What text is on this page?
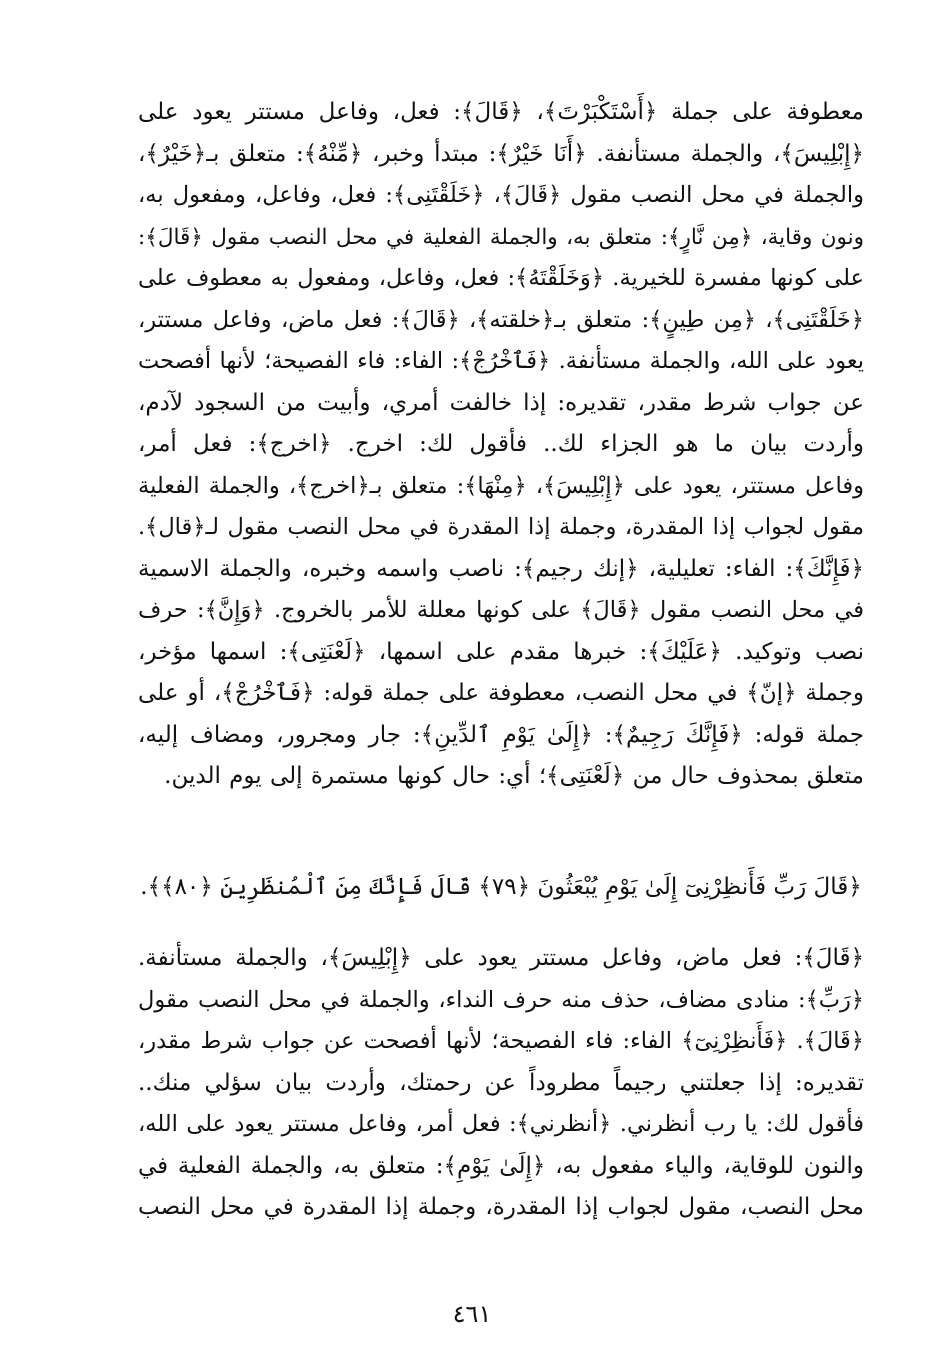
معطوفة على جملة ﴿أَسْتَكْبَرْتَ﴾، ﴿قَالَ﴾: فعل، وفاعل مستتر يعود على
﴿إِبْلِيسَ﴾، والجملة مستأنفة. ﴿أَنَا خَيْرٌ﴾: مبتدأ وخبر، ﴿مِّنْهُ﴾: متعلق بـ﴿خَيْرٌ﴾،
والجملة في محل النصب مقول ﴿قَالَ﴾، ﴿خَلَقْتَنِى﴾: فعل، وفاعل، ومفعول به،
ونون وقاية، ﴿مِن نَّارٍ﴾: متعلق به، والجملة الفعلية في محل النصب مقول ﴿قَالَ﴾:
على كونها مفسرة للخيرية. ﴿وَخَلَقْتَهُ﴾: فعل، وفاعل، ومفعول به معطوف على
﴿خَلَقْتَنِى﴾، ﴿مِن طِينٍ﴾: متعلق بـ﴿خلقته﴾، ﴿قَالَ﴾: فعل ماض، وفاعل مستتر،
يعود على الله، والجملة مستأنفة. ﴿فَٱخْرُجْ﴾: الفاء: فاء الفصيحة؛ لأنها أفصحت
عن جواب شرط مقدر، تقديره: إذا خالفت أمري، وأبيت من السجود لآدم،
وأردت بيان ما هو الجزاء لك.. فأقول لك: اخرج. ﴿اخرج﴾: فعل أمر،
وفاعل مستتر، يعود على ﴿إِبْلِيسَ﴾، ﴿مِنْهَا﴾: متعلق بـ﴿اخرج﴾، والجملة الفعلية
مقول لجواب إذا المقدرة، وجملة إذا المقدرة في محل النصب مقول لـ﴿قال﴾.
﴿فَإِنَّكَ﴾: الفاء: تعليلية، ﴿إنك رجيم﴾: ناصب واسمه وخبره، والجملة الاسمية
في محل النصب مقول ﴿قَالَ﴾ على كونها معللة للأمر بالخروج. ﴿وَإِنَّ﴾: حرف
نصب وتوكيد. ﴿عَلَيْكَ﴾: خبرها مقدم على اسمها، ﴿لَعْنَتِى﴾: اسمها مؤخر،
وجملة ﴿إنّ﴾ في محل النصب، معطوفة على جملة قوله: ﴿فَٱخْرُجْ﴾، أو على
جملة قوله: ﴿فَإِنَّكَ رَجِيمٌ﴾: ﴿إِلَىٰ يَوْمِ ٱلدِّينِ﴾: جار ومجرور، ومضاف إليه،
متعلق بمحذوف حال من ﴿لَعْنَتِى﴾؛ أي: حال كونها مستمرة إلى يوم الدين.
﴿قَالَ رَبِّ فَأَنظِرْنِىٓ إِلَىٰ يَوْمِ يُبْعَثُونَ ﴿٧٩﴾ قَالَ فَإِنَّكَ مِنَ ٱلْمُنظَرِينَ ﴿٨٠﴾﴾.
﴿قَالَ﴾: فعل ماض، وفاعل مستتر يعود على ﴿إِبْلِيسَ﴾، والجملة مستأنفة.
﴿رَبِّ﴾: منادى مضاف، حذف منه حرف النداء، والجملة في محل النصب مقول
﴿قَالَ﴾. ﴿فَأَنظِرْنِىٓ﴾ الفاء: فاء الفصيحة؛ لأنها أفصحت عن جواب شرط مقدر،
تقديره: إذا جعلتني رجيماً مطروداً عن رحمتك، وأردت بيان سؤلي منك..
فأقول لك: يا رب أنظرني. ﴿أنظرني﴾: فعل أمر، وفاعل مستتر يعود على الله،
والنون للوقاية، والياء مفعول به، ﴿إِلَىٰ يَوْمِ﴾: متعلق به، والجملة الفعلية في
محل النصب، مقول لجواب إذا المقدرة، وجملة إذا المقدرة في محل النصب
٤٦١
